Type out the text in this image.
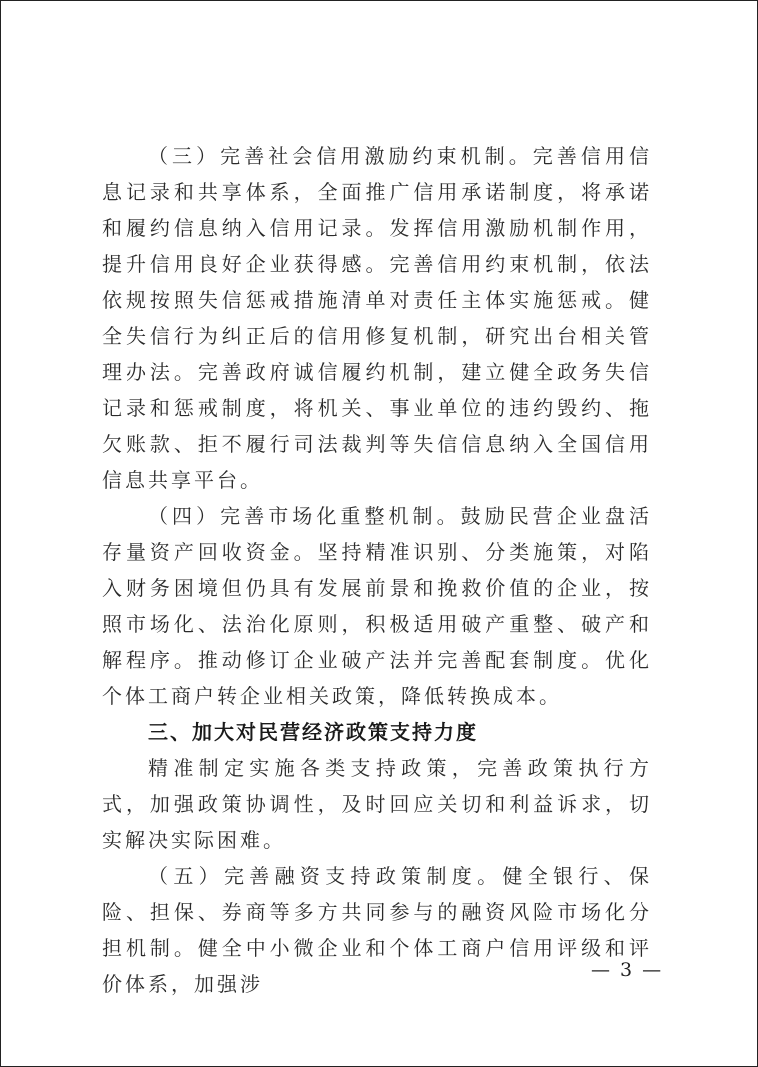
（三）完善社会信用激励约束机制。完善信用信息记录和共享体系，全面推广信用承诺制度，将承诺和履约信息纳入信用记录。发挥信用激励机制作用，提升信用良好企业获得感。完善信用约束机制，依法依规按照失信惩戒措施清单对责任主体实施惩戒。健全失信行为纠正后的信用修复机制，研究出台相关管理办法。完善政府诚信履约机制，建立健全政务失信记录和惩戒制度，将机关、事业单位的违约毁约、拖欠账款、拒不履行司法裁判等失信信息纳入全国信用信息共享平台。

（四）完善市场化重整机制。鼓励民营企业盘活存量资产回收资金。坚持精准识别、分类施策，对陷入财务困境但仍具有发展前景和挽救价值的企业，按照市场化、法治化原则，积极适用破产重整、破产和解程序。推动修订企业破产法并完善配套制度。优化个体工商户转企业相关政策，降低转换成本。

三、加大对民营经济政策支持力度

精准制定实施各类支持政策，完善政策执行方式，加强政策协调性，及时回应关切和利益诉求，切实解决实际困难。

（五）完善融资支持政策制度。健全银行、保险、担保、券商等多方共同参与的融资风险市场化分担机制。健全中小微企业和个体工商户信用评级和评价体系，加强涉

— 3 —
